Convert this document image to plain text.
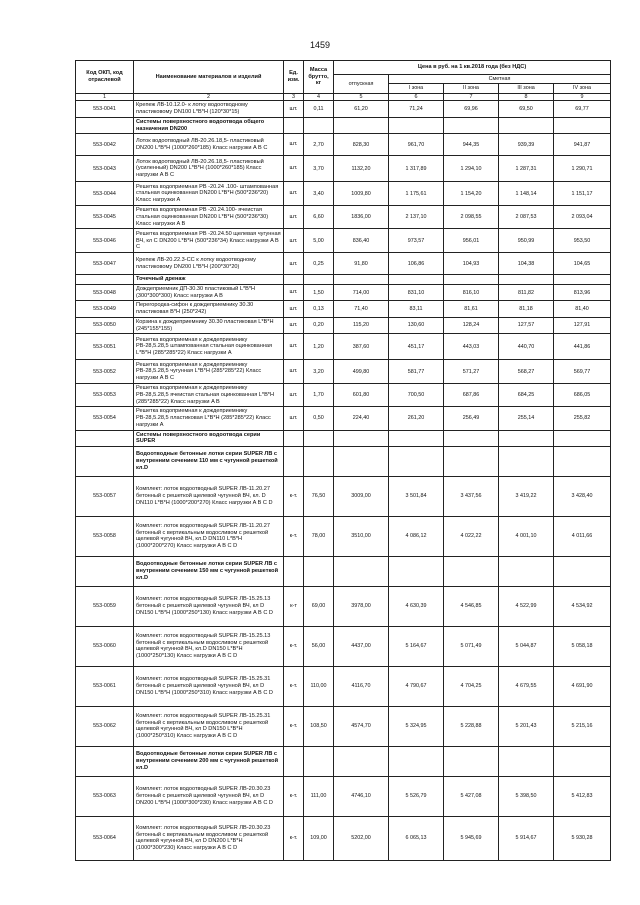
1459
Код ОКП, код отраслевой	Наименование материалов и изделий	Ед. изм.	Масса брутто, кг	Цена в руб. на 1 кв.2018 года (без НДС)				
				отпускная	Сметная			
					I зона	II зона	III зона	IV зона
1	2	3	4	5	6	7	8	9
553-0041	Крепеж ЛВ-10.12.0- к лотку водоотводному пластиковому DN100 L*B*H (120*30*15)	шт.	0,11	61,20	71,24	69,96	69,50	69,77
	Системы поверхностного водоотвода общего назначения DN200							
553-0042	Лоток водоотводный ЛВ-20.26.18,5- пластиковый DN200 L*B*H (1000*260*185) Класс нагрузки A B C	шт.	2,70	828,30	961,70	944,35	939,39	941,87
553-0043	Лоток водоотводный ЛВ-20.26.18,5- пластиковый (усиленный) DN200 L*B*H (1000*260*185) Класс нагрузки A B C	шт.	3,70	1132,20	1 317,89	1 294,10	1 287,31	1 290,71
553-0044	Решетка водоприемная РВ -20.24 .100- штампованная стальная оцинкованная DN200 L*B*H (500*236*20) Класс нагрузки A	шт.	3,40	1009,80	1 175,61	1 154,20	1 148,14	1 151,17
553-0045	Решетка водоприемная РВ -20.24.100- ячеистая стальная оцинкованная DN200 L*B*H (500*236*30) Класс нагрузки A B	шт.	6,60	1836,00	2 137,10	2 098,55	2 087,53	2 093,04
553-0046	Решетка водоприемная РВ -20.24.50 щелевая чугунная ВЧ, кл С DN200 L*B*H (500*236*34) Класс нагрузки A B C	шт.	5,00	836,40	973,57	956,01	950,99	953,50
553-0047	Крепеж ЛВ-20.22.3-СС к лотку водоотводному пластиковому DN200 L*B*H (200*30*20)	шт.	0,25	91,80	106,86	104,93	104,38	104,65
	Точечный дренаж							
553-0048	Дождеприемник ДП-30.30 пластиковый L*B*H (300*300*300) Класс нагрузки A B	шт.	1,50	714,00	831,10	816,10	811,82	813,96
553-0049	Перегородка-сифон к дождеприемнику 30.30 пластиковая В*Н (250*242)	шт.	0,13	71,40	83,11	81,61	81,18	81,40
553-0050	Корзина к дождеприемнику 30.30 пластиковая L*B*H (245*155*155)	шт.	0,20	115,20	130,60	128,24	127,57	127,91
553-0051	Решетка водоприемная к дождеприемнику РВ-28,5.28,5 штампованная стальная оцинкованная L*B*H (285*285*22) Класс нагрузки A	шт.	1,20	387,60	451,17	443,03	440,70	441,86
553-0052	Решетка водоприемная к дождеприемнику РВ-28,5.28,5 чугунная L*B*H (285*285*22) Класс нагрузки A B C	шт.	3,20	499,80	581,77	571,27	568,27	569,77
553-0053	Решетка водоприемная к дождеприемнику РВ-28,5.28,5 ячеистая стальная оцинкованная L*B*H (285*285*22) Класс нагрузки A B	шт.	1,70	601,80	700,50	687,86	684,25	686,05
553-0054	Решетка водоприемная к дождеприемнику РВ-28,5.28,5 пластиковая L*B*H (285*285*22) Класс нагрузки A	шт.	0,50	224,40	261,20	256,49	255,14	255,82
	Системы поверхностного водоотвода серии SUPER							
	Водоотводные бетонные лотки серии SUPER ЛВ с внутренним сечением 110 мм с чугунной решеткой кл.D							
553-0057	Комплект: лоток водоотводный SUPER ЛВ-11.20.27 бетонный с решеткой щелевой чугунной ВЧ, кл. D DN110 L*B*H (1000*200*270) Класс нагрузки A B C D	к-т.	76,50	3009,00	3 501,84	3 437,56	3 419,22	3 428,40
553-0058	Комплект: лоток водоотводный SUPER ЛВ-11.20.27 бетонный с вертикальным водосливом с решеткой щелевой чугунной ВЧ, кл.D DN110 L*B*H (1000*200*270) Класс нагрузки A B C D	к-т.	78,00	3510,00	4 086,12	4 022,22	4 001,10	4 011,66
	Водоотводные бетонные лотки серии SUPER ЛВ с внутренним сечением 150 мм с чугунной решеткой кл.D							
553-0059	Комплект: лоток водоотводный SUPER ЛВ-15.25.13 бетонный с решеткой щелевой чугунной ВЧ, кл D DN150 L*B*H (1000*250*130) Класс нагрузки A B C D	к-т	69,00	3978,00	4 630,39	4 546,85	4 522,99	4 534,92
553-0060	Комплект: лоток водоотводный SUPER ЛВ-15.25.13 бетонный с вертикальным водосливом с решеткой щелевой чугунной ВЧ, кл.D DN150 L*B*H (1000*250*130) Класс нагрузки A B C D	к-т.	56,00	4437,00	5 164,67	5 071,49	5 044,87	5 058,18
553-0061	Комплект: лоток водоотводный SUPER ЛВ-15.25.31 бетонный с решеткой щелевой чугунной ВЧ, кл D DN150 L*B*H (1000*250*310) Класс нагрузки A B C D	к-т.	110,00	4116,70	4 790,67	4 704,25	4 679,55	4 691,90
553-0062	Комплект: лоток водоотводный SUPER ЛВ-15.25.31 бетонный с вертикальным водосливом с решеткой щелевой чугунной ВЧ, кл D DN150 L*B*H (1000*250*310) Класс нагрузки A B C D	к-т.	108,50	4574,70	5 324,95	5 228,88	5 201,43	5 215,16
	Водоотводные бетонные лотки серии SUPER ЛВ с внутренним сечением 200 мм с чугунной решеткой кл.D							
553-0063	Комплект: лоток водоотводный SUPER ЛВ-20.30.23 бетонный с решеткой щелевой чугунной ВЧ, кл D DN200 L*B*H (1000*300*230) Класс нагрузки A B C D	к-т.	111,00	4746,10	5 526,79	5 427,08	5 398,50	5 412,83
553-0064	Комплект: лоток водоотводный SUPER ЛВ-20.30.23 бетонный с вертикальным водосливом с решеткой щелевой чугунной ВЧ, кл D DN200 L*B*H (1000*300*230) Класс нагрузки A B C D	к-т.	109,00	5202,00	6 065,13	5 945,69	5 914,67	5 930,28
